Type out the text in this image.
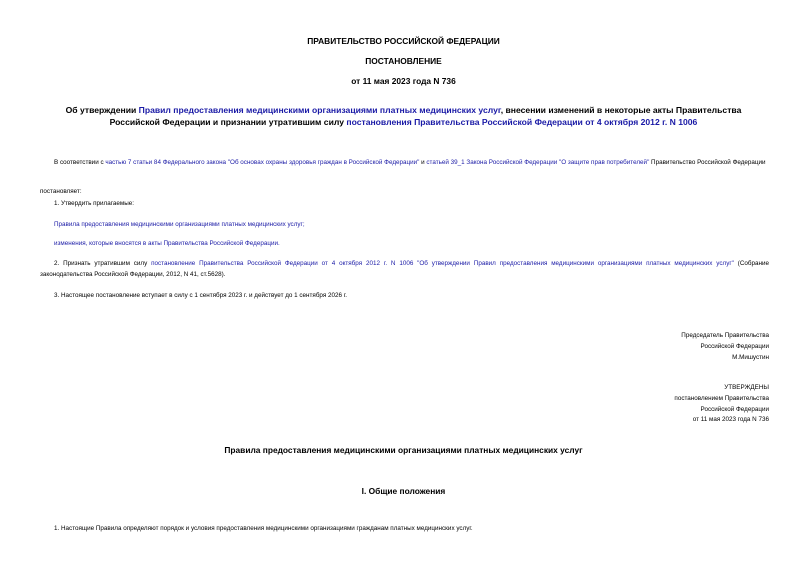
ПРАВИТЕЛЬСТВО РОССИЙСКОЙ ФЕДЕРАЦИИ
ПОСТАНОВЛЕНИЕ
от 11 мая 2023 года N 736
Об утверждении Правил предоставления медицинскими организациями платных медицинских услуг, внесении изменений в некоторые акты Правительства Российской Федерации и признании утратившим силу постановления Правительства Российской Федерации от 4 октября 2012 г. N 1006
В соответствии с частью 7 статьи 84 Федерального закона "Об основах охраны здоровья граждан в Российской Федерации" и статьей 39_1 Закона Российской Федерации "О защите прав потребителей" Правительство Российской Федерации
постановляет:
1. Утвердить прилагаемые:
Правила предоставления медицинскими организациями платных медицинских услуг;
изменения, которые вносятся в акты Правительства Российской Федерации.
2. Признать утратившим силу постановление Правительства Российской Федерации от 4 октября 2012 г. N 1006 "Об утверждении Правил предоставления медицинскими организациями платных медицинских услуг" (Собрание законодательства Российской Федерации, 2012, N 41, ст.5628).
3. Настоящее постановление вступает в силу с 1 сентября 2023 г. и действует до 1 сентября 2026 г.
Председатель Правительства
Российской Федерации
М.Мишустин
УТВЕРЖДЕНЫ
постановлением Правительства
Российской Федерации
от 11 мая 2023 года N 736
Правила предоставления медицинскими организациями платных медицинских услуг
I. Общие положения
1. Настоящие Правила определяют порядок и условия предоставления медицинскими организациями гражданам платных медицинских услуг.
